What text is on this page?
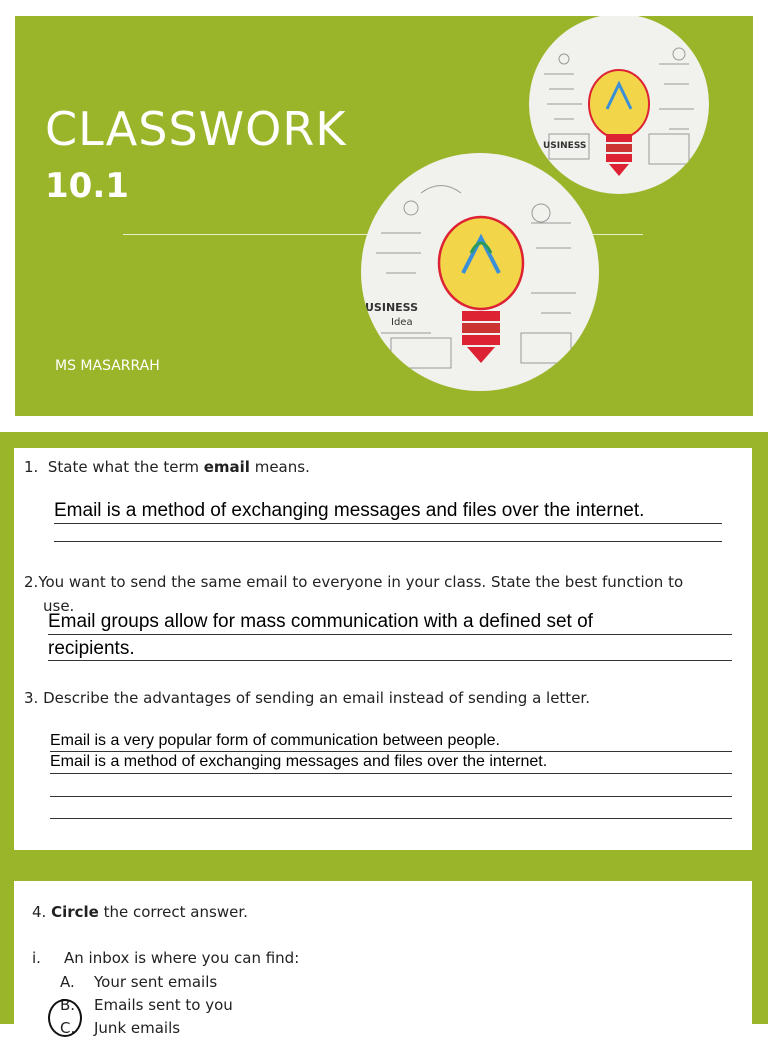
CLASSWORK
10.1
MS MASARRAH
USINESS
USINESS
Idea
1. State what the term email means.
Email is a method of exchanging messages and files over the internet.
2.You want to send the same email to everyone in your class. State the best function to
use.
Email groups allow for mass communication with a defined set of
recipients.
3. Describe the advantages of sending an email instead of sending a letter.
Email is a very popular form of communication between people.
Email is a method of exchanging messages and files over the internet.
4. Circle the correct answer.
i. An inbox is where you can find:
A. Your sent emails
B. Emails sent to you
C. Junk emails
